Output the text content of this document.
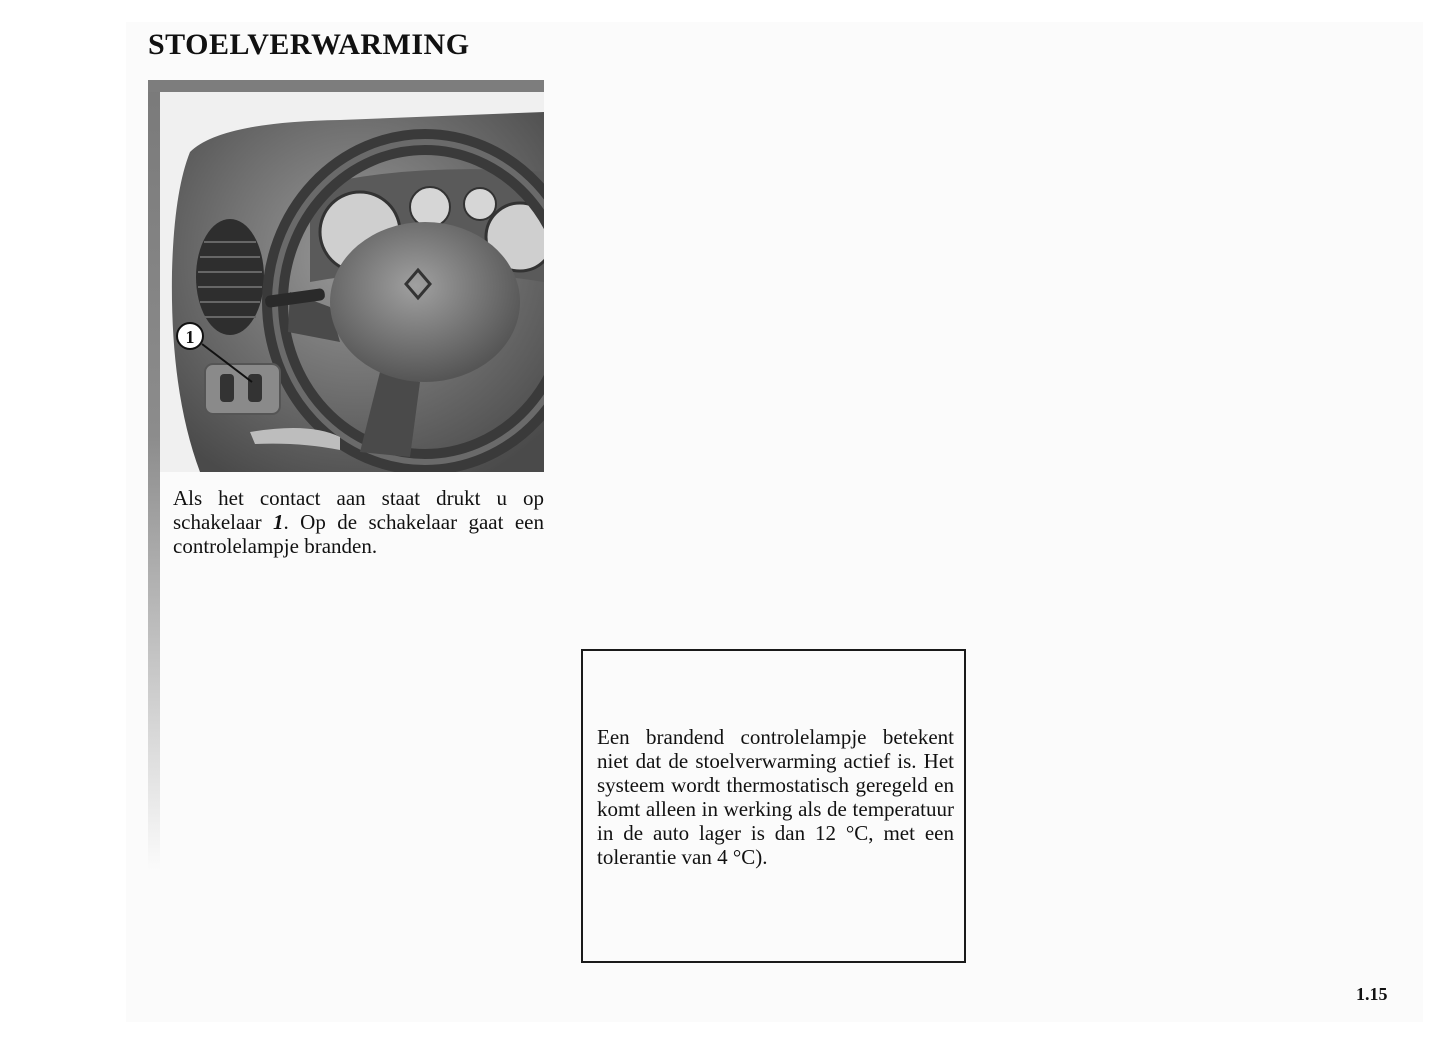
STOELVERWARMING
1

Als het contact aan staat drukt u op schakelaar 1. Op de schakelaar gaat een controlelampje branden.

Een brandend controlelampje betekent niet dat de stoelverwarming actief is. Het systeem wordt thermostatisch geregeld en komt alleen in werking als de temperatuur in de auto lager is dan 12 °C, met een tolerantie van 4 °C).

1.15
